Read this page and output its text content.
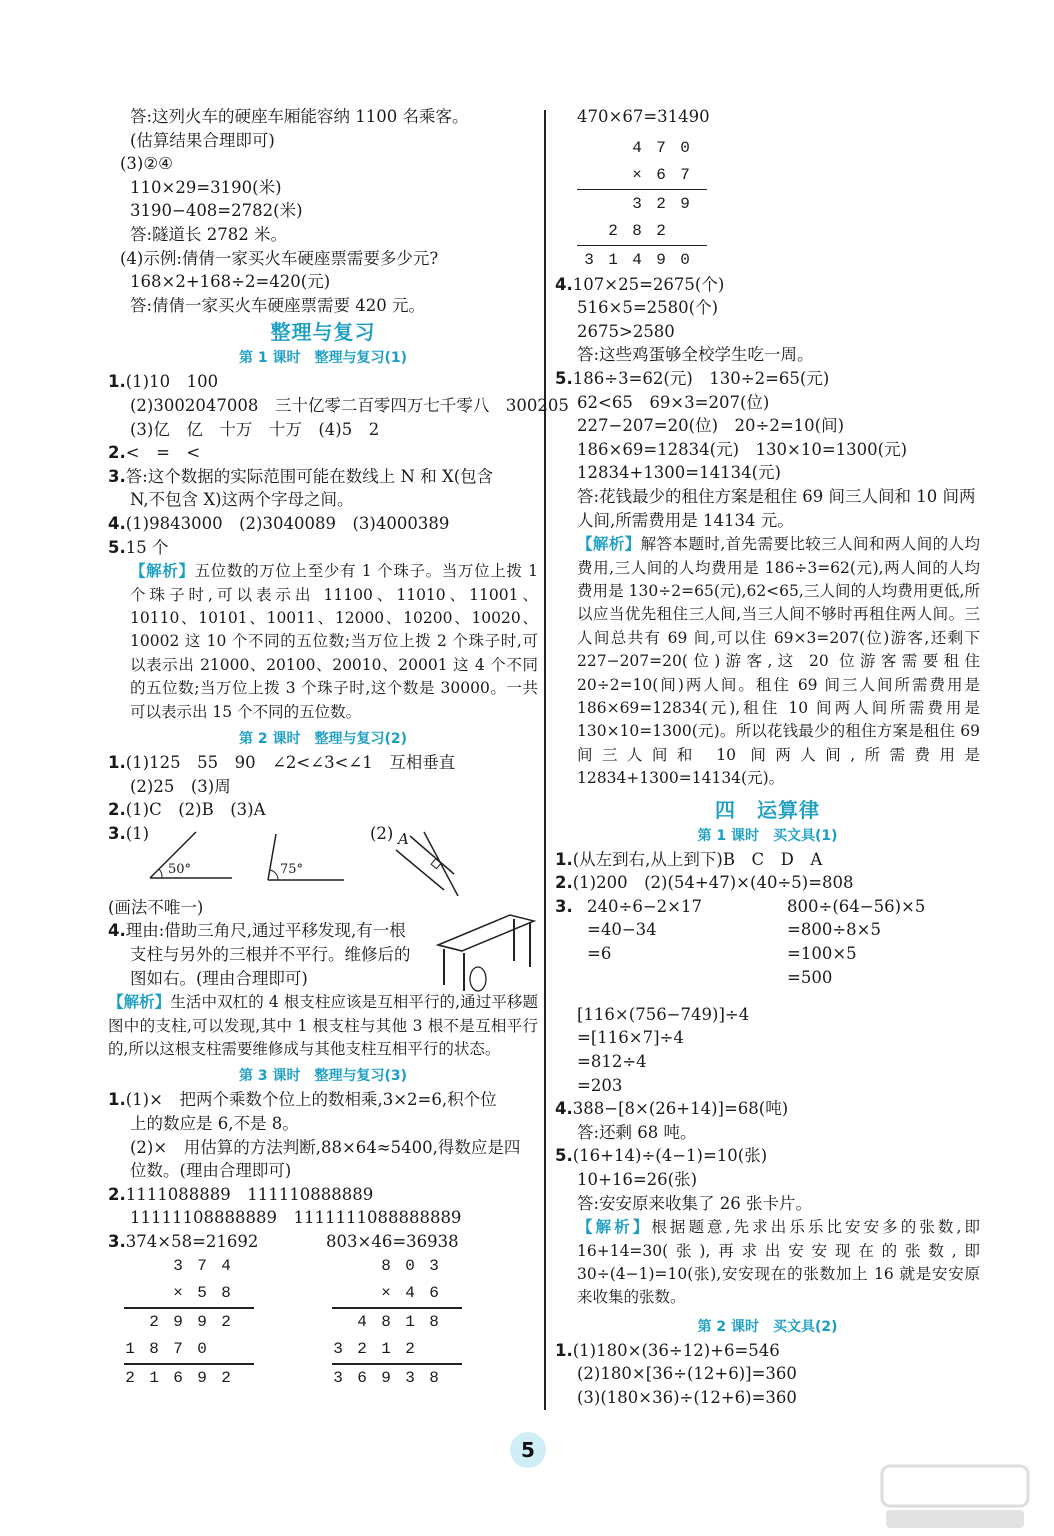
答:这列火车的硬座车厢能容纳 1100 名乘客。
(估算结果合理即可)
(3)②④
110×29=3190(米)
3190−408=2782(米)
答:隧道长 2782 米。
(4)示例:倩倩一家买火车硬座票需要多少元?
168×2+168÷2=420(元)
答:倩倩一家买火车硬座票需要 420 元。
整理与复习
第 1 课时　整理与复习(1)
1.(1)10　100
(2)3002047008　三十亿零二百零四万七千零八　300205
(3)亿　亿　十万　十万　(4)5　2
2.<　=　<
3.答:这个数据的实际范围可能在数线上 N 和 X(包含
N,不包含 X)这两个字母之间。
4.(1)9843000　(2)3040089　(3)4000389
5.15 个
【解析】五位数的万位上至少有 1 个珠子。当万位上拨 1 个珠子时,可以表示出 11100、11010、11001、10110、10101、10011、12000、10200、10020、10002 这 10 个不同的五位数;当万位上拨 2 个珠子时,可以表示出 21000、20100、20010、20001 这 4 个不同的五位数;当万位上拨 3 个珠子时,这个数是 30000。一共可以表示出 15 个不同的五位数。
第 2 课时　整理与复习(2)
1.(1)125　55　90　∠2<∠3<∠1　互相垂直
(2)25　(3)周
2.(1)C　(2)B　(3)A
3.(1)	(2)
50°	75°
A
(画法不唯一)
4.理由:借助三角尺,通过平移发现,有一根
支柱与另外的三根并不平行。维修后的
图如右。(理由合理即可)
【解析】生活中双杠的 4 根支柱应该是互相平行的,通过平移题图中的支柱,可以发现,其中 1 根支柱与其他 3 根不是互相平行的,所以这根支柱需要维修成与其他支柱互相平行的状态。
第 3 课时　整理与复习(3)
1.(1)×　把两个乘数个位上的数相乘,3×2=6,积个位
上的数应是 6,不是 8。
(2)×　用估算的方法判断,88×64≈5400,得数应是四
位数。(理由合理即可)
2.1111088889　111110888889
11111108888889　1111111088888889
3.374×58=21692	803×46=36938
3 7 4
× 5 8
2 9 9 2
1 8 7 0
2 1 6 9 2
8 0 3
× 4 6
4 8 1 8
3 2 1 2
3 6 9 3 8
470×67=31490
4 7 0
× 6 7
3 2 9
2 8 2
3 1 4 9 0
4.107×25=2675(个)
516×5=2580(个)
2675>2580
答:这些鸡蛋够全校学生吃一周。
5.186÷3=62(元)　130÷2=65(元)
62<65　69×3=207(位)
227−207=20(位)　20÷2=10(间)
186×69=12834(元)　130×10=1300(元)
12834+1300=14134(元)
答:花钱最少的租住方案是租住 69 间三人间和 10 间两
人间,所需费用是 14134 元。
【解析】解答本题时,首先需要比较三人间和两人间的人均费用,三人间的人均费用是 186÷3=62(元),两人间的人均费用是 130÷2=65(元),62<65,三人间的人均费用更低,所以应当优先租住三人间,当三人间不够时再租住两人间。三人间总共有 69 间,可以住 69×3=207(位)游客,还剩下 227−207=20(位)游客,这 20 位游客需要租住 20÷2=10(间)两人间。租住 69 间三人间所需费用是 186×69=12834(元),租住 10 间两人间所需费用是 130×10=1300(元)。所以花钱最少的租住方案是租住 69 间三人间和 10 间两人间,所需费用是 12834+1300=14134(元)。
四　运算律
第 1 课时　买文具(1)
1.(从左到右,从上到下)B　C　D　A
2.(1)200　(2)(54+47)×(40÷5)=808
3. 240÷6−2×17
=40−34
=6
800÷(64−56)×5
=800÷8×5
=100×5
=500
[116×(756−749)]÷4
=[116×7]÷4
=812÷4
=203
4.388−[8×(26+14)]=68(吨)
答:还剩 68 吨。
5.(16+14)÷(4−1)=10(张)
10+16=26(张)
答:安安原来收集了 26 张卡片。
【解析】根据题意,先求出乐乐比安安多的张数,即 16+14=30(张),再求出安安现在的张数,即 30÷(4−1)=10(张),安安现在的张数加上 16 就是安安原来收集的张数。
第 2 课时　买文具(2)
1.(1)180×(36÷12)+6=546
(2)180×[36÷(12+6)]=360
(3)(180×36)÷(12+6)=360
5
